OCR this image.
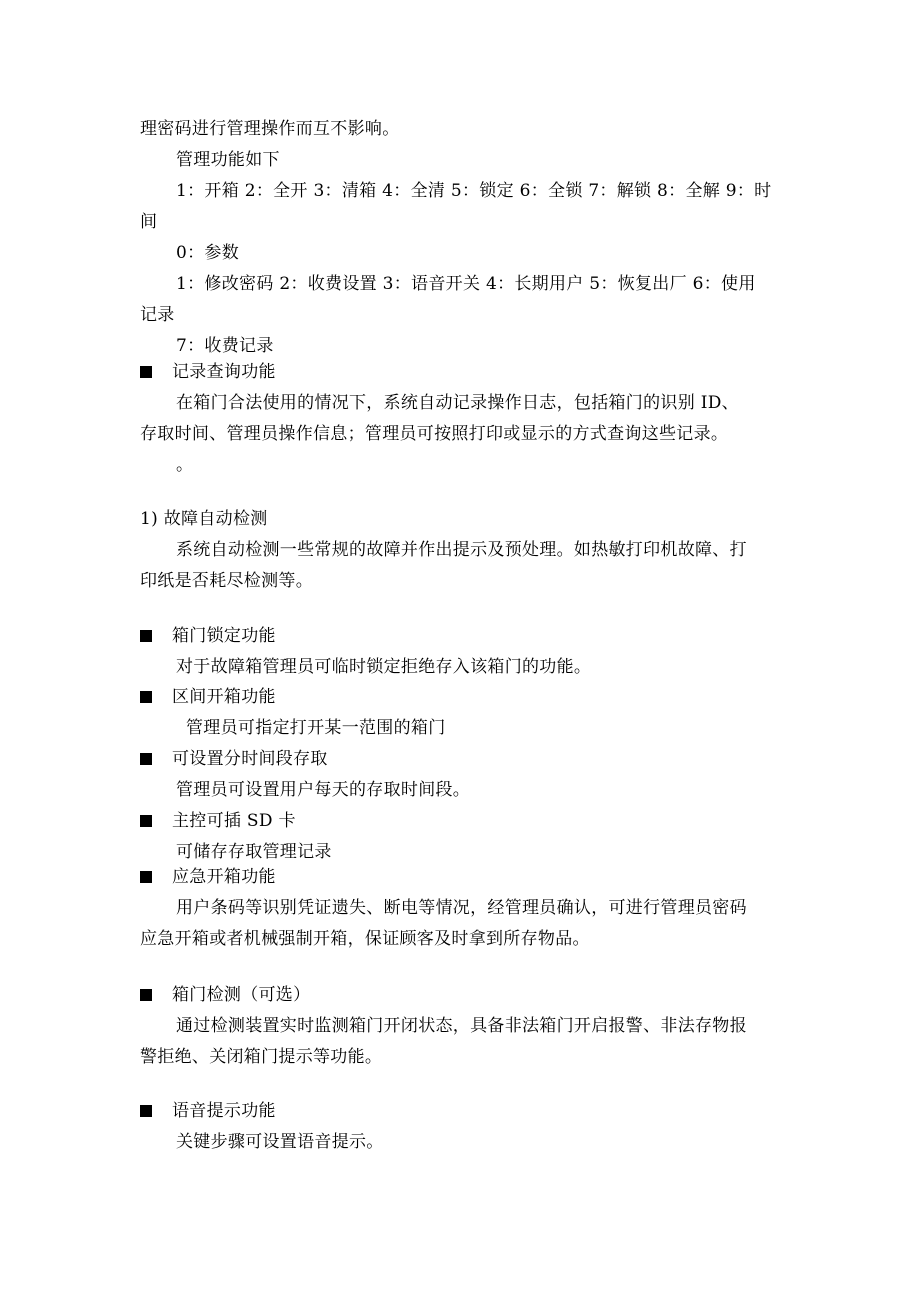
理密码进行管理操作而互不影响。
管理功能如下
1：开箱 2：全开 3：清箱 4：全清 5：锁定 6：全锁 7：解锁 8：全解 9：时
间
0：参数
1：修改密码 2：收费设置 3：语音开关 4：长期用户 5：恢复出厂 6：使用
记录
7：收费记录
记录查询功能
在箱门合法使用的情况下，系统自动记录操作日志，包括箱门的识别 ID、
存取时间、管理员操作信息；管理员可按照打印或显示的方式查询这些记录。
。
1) 故障自动检测
系统自动检测一些常规的故障并作出提示及预处理。如热敏打印机故障、打
印纸是否耗尽检测等。
箱门锁定功能
对于故障箱管理员可临时锁定拒绝存入该箱门的功能。
区间开箱功能
管理员可指定打开某一范围的箱门
可设置分时间段存取
管理员可设置用户每天的存取时间段。
主控可插 SD 卡
可储存存取管理记录
应急开箱功能
用户条码等识别凭证遗失、断电等情况，经管理员确认，可进行管理员密码
应急开箱或者机械强制开箱，保证顾客及时拿到所存物品。
箱门检测（可选）
通过检测装置实时监测箱门开闭状态，具备非法箱门开启报警、非法存物报
警拒绝、关闭箱门提示等功能。
语音提示功能
关键步骤可设置语音提示。
